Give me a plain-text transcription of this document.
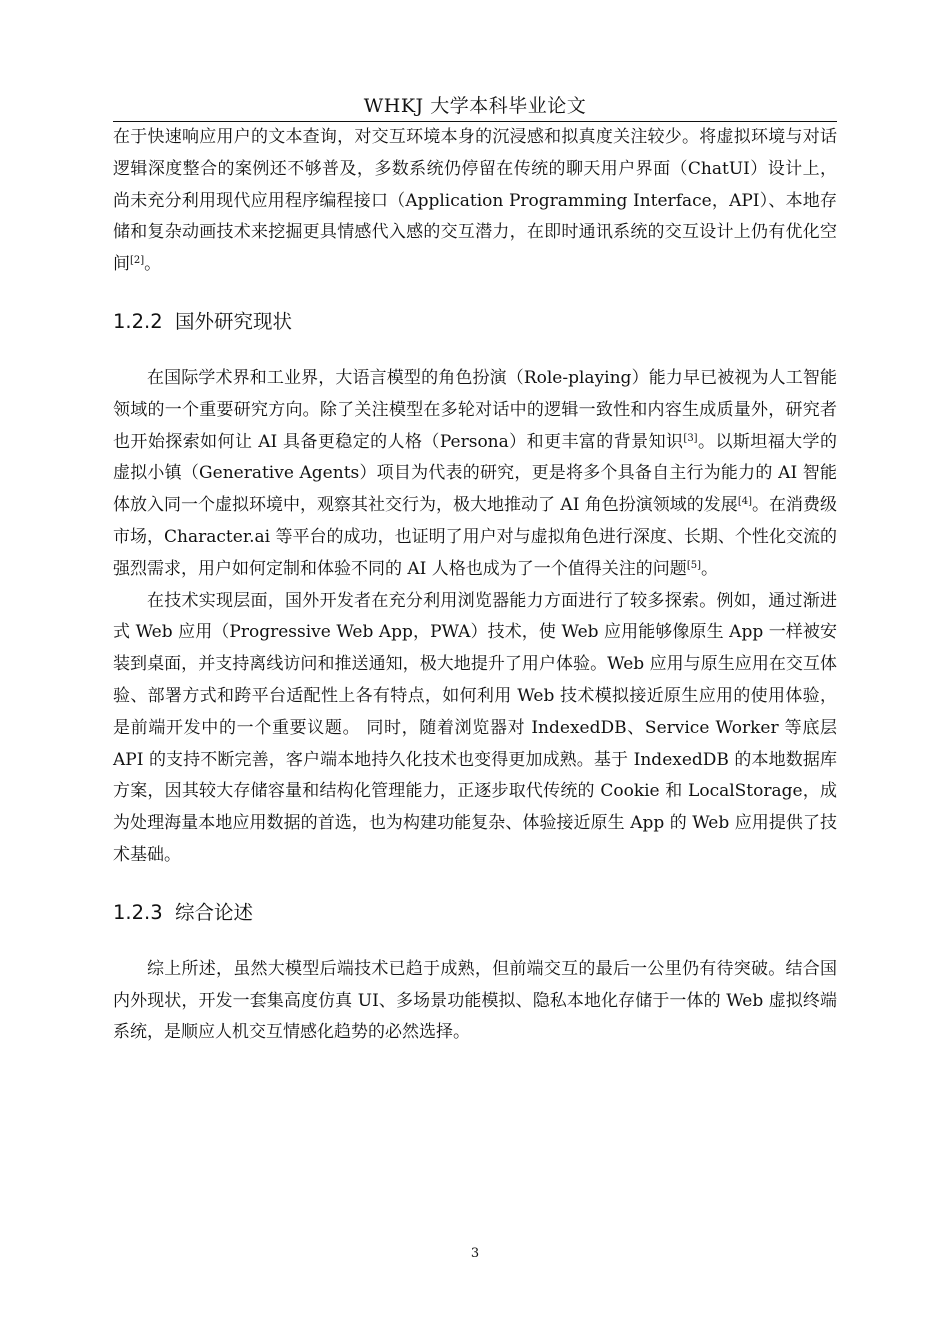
WHKJ 大学本科毕业论文

在于快速响应用户的文本查询，对交互环境本身的沉浸感和拟真度关注较少。将虚拟环境与对话逻辑深度整合的案例还不够普及，多数系统仍停留在传统的聊天用户界面（ChatUI）设计上，尚未充分利用现代应用程序编程接口（Application Programming Interface，API）、本地存储和复杂动画技术来挖掘更具情感代入感的交互潜力，在即时通讯系统的交互设计上仍有优化空间[2]。

1.2.2 国外研究现状

在国际学术界和工业界，大语言模型的角色扮演（Role-playing）能力早已被视为人工智能领域的一个重要研究方向。除了关注模型在多轮对话中的逻辑一致性和内容生成质量外，研究者也开始探索如何让 AI 具备更稳定的人格（Persona）和更丰富的背景知识[3]。以斯坦福大学的虚拟小镇（Generative Agents）项目为代表的研究，更是将多个具备自主行为能力的 AI 智能体放入同一个虚拟环境中，观察其社交行为，极大地推动了 AI 角色扮演领域的发展[4]。在消费级市场，Character.ai 等平台的成功，也证明了用户对与虚拟角色进行深度、长期、个性化交流的强烈需求，用户如何定制和体验不同的 AI 人格也成为了一个值得关注的问题[5]。

在技术实现层面，国外开发者在充分利用浏览器能力方面进行了较多探索。例如，通过渐进式 Web 应用（Progressive Web App，PWA）技术，使 Web 应用能够像原生 App 一样被安装到桌面，并支持离线访问和推送通知，极大地提升了用户体验。Web 应用与原生应用在交互体验、部署方式和跨平台适配性上各有特点，如何利用 Web 技术模拟接近原生应用的使用体验，是前端开发中的一个重要议题。 同时，随着浏览器对 IndexedDB、Service Worker 等底层 API 的支持不断完善，客户端本地持久化技术也变得更加成熟。基于 IndexedDB 的本地数据库方案，因其较大存储容量和结构化管理能力，正逐步取代传统的 Cookie 和 LocalStorage，成为处理海量本地应用数据的首选，也为构建功能复杂、体验接近原生 App 的 Web 应用提供了技术基础。

1.2.3 综合论述

综上所述，虽然大模型后端技术已趋于成熟，但前端交互的最后一公里仍有待突破。结合国内外现状，开发一套集高度仿真 UI、多场景功能模拟、隐私本地化存储于一体的 Web 虚拟终端系统，是顺应人机交互情感化趋势的必然选择。

3
